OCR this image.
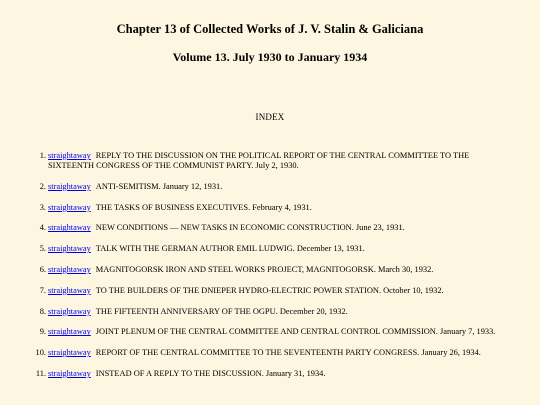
Chapter 13 of Collected Works of J. V. Stalin & Galiciana
Volume 13. July 1930 to January 1934
INDEX
1. straightaway REPLY TO THE DISCUSSION ON THE POLITICAL REPORT OF THE CENTRAL COMMITTEE TO THE SIXTEENTH CONGRESS OF THE COMMUNIST PARTY. July 2, 1930.
2. straightaway ANTI-SEMITISM. January 12, 1931.
3. straightaway THE TASKS OF BUSINESS EXECUTIVES. February 4, 1931.
4. straightaway NEW CONDITIONS — NEW TASKS IN ECONOMIC CONSTRUCTION. June 23, 1931.
5. straightaway TALK WITH THE GERMAN AUTHOR EMIL LUDWIG. December 13, 1931.
6. straightaway MAGNITOGORSK IRON AND STEEL WORKS PROJECT, MAGNITOGORSK. March 30, 1932.
7. straightaway TO THE BUILDERS OF THE DNIEPER HYDRO-ELECTRIC POWER STATION. October 10, 1932.
8. straightaway THE FIFTEENTH ANNIVERSARY OF THE OGPU. December 20, 1932.
9. straightaway JOINT PLENUM OF THE CENTRAL COMMITTEE AND CENTRAL CONTROL COMMISSION. January 7, 1933.
10. straightaway REPORT OF THE CENTRAL COMMITTEE TO THE SEVENTEENTH PARTY CONGRESS. January 26, 1934.
11. straightaway INSTEAD OF A REPLY TO THE DISCUSSION. January 31, 1934.
